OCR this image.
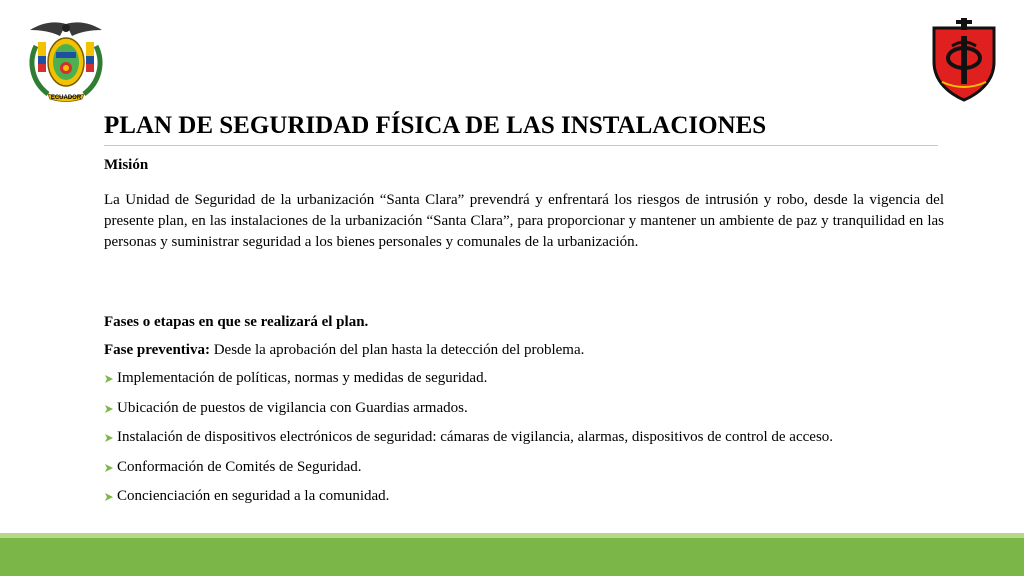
ECUADOR
PLAN DE SEGURIDAD FÍSICA DE LAS INSTALACIONES
Misión

La Unidad de Seguridad de la urbanización “Santa Clara” prevendrá y enfrentará los riesgos de intrusión y robo, desde la vigencia del presente plan, en las instalaciones de la urbanización “Santa Clara”, para proporcionar y mantener un ambiente de paz y tranquilidad en las personas y suministrar seguridad a los bienes personales y comunales de la urbanización.

Fases o etapas en que se realizará el plan.
Fase preventiva: Desde la aprobación del plan hasta la detección del problema.
Implementación de políticas, normas y medidas de seguridad.
Ubicación de puestos de vigilancia con Guardias armados.
Instalación de dispositivos electrónicos de seguridad: cámaras de vigilancia, alarmas, dispositivos de control de acceso.
Conformación de Comités de Seguridad.
Concienciación en seguridad a la comunidad.
